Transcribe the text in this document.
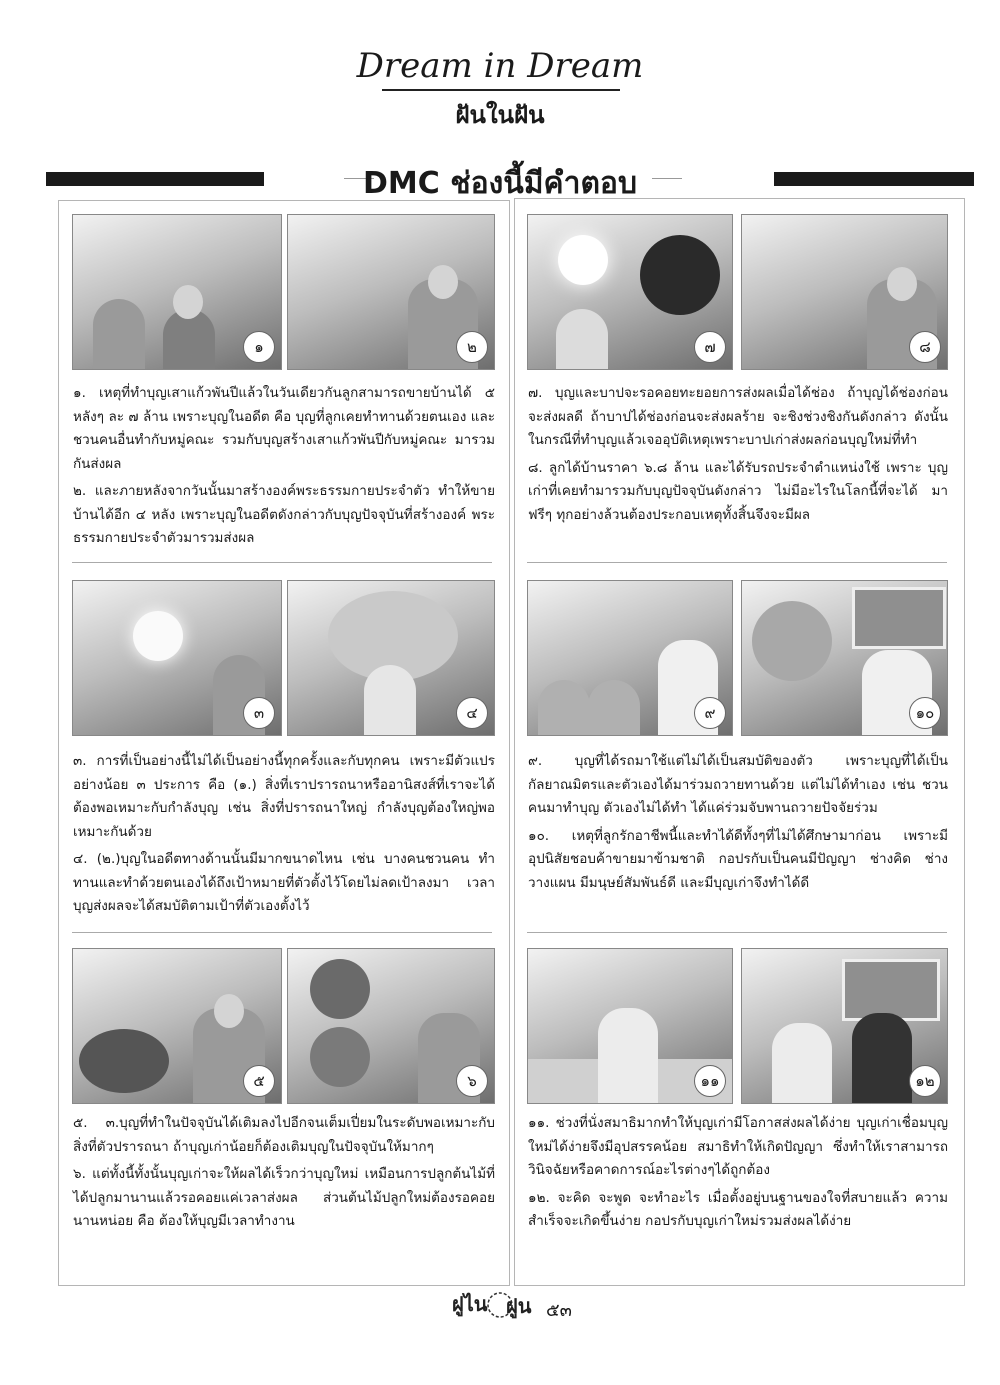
Dream in Dream
ฝันในฝัน
DMC ช่องนี้มีคำตอบ
๑	๒

๑. เหตุที่ทำบุญเสาแก้วพันปีแล้วในวันเดียวกันลูกสามารถขายบ้านได้ ๕ หลังๆ ละ ๗ ล้าน เพราะบุญในอดีต คือ บุญที่ลูกเคยทำทานด้วยตนเอง และชวนคนอื่นทำกับหมู่คณะ รวมกับบุญสร้างเสาแก้วพันปีกับหมู่คณะ มารวมกันส่งผล

๒. และภายหลังจากวันนั้นมาสร้างองค์พระธรรมกายประจำตัว ทำให้ขาย บ้านได้อีก ๔ หลัง เพราะบุญในอดีตดังกล่าวกับบุญปัจจุบันที่สร้างองค์ พระธรรมกายประจำตัวมารวมส่งผล

๗	๘

๗. บุญและบาปจะรอคอยทะยอยการส่งผลเมื่อได้ช่อง ถ้าบุญได้ช่องก่อน จะส่งผลดี ถ้าบาปได้ช่องก่อนจะส่งผลร้าย จะชิงช่วงชิงกันดังกล่าว ดังนั้นในกรณีที่ทำบุญแล้วเจออุบัติเหตุเพราะบาปเก่าส่งผลก่อนบุญใหม่ที่ทำ

๘. ลูกได้บ้านราคา ๖.๘ ล้าน และได้รับรถประจำตำแหน่งใช้ เพราะ บุญเก่าที่เคยทำมารวมกับบุญปัจจุบันดังกล่าว ไม่มีอะไรในโลกนี้ที่จะได้ มาฟรีๆ ทุกอย่างล้วนต้องประกอบเหตุทั้งสิ้นจึงจะมีผล

๓	๔

๓. การที่เป็นอย่างนี้ไม่ได้เป็นอย่างนี้ทุกครั้งและกับทุกคน เพราะมีตัวแปร อย่างน้อย ๓ ประการ คือ (๑.) สิ่งที่เราปรารถนาหรืออานิสงส์ที่เราจะได้ ต้องพอเหมาะกับกำลังบุญ เช่น สิ่งที่ปรารถนาใหญ่ กำลังบุญต้องใหญ่พอ เหมาะกันด้วย

๔. (๒.)บุญในอดีตทางด้านนั้นมีมากขนาดไหน เช่น บางคนชวนคน ทำทานและทำด้วยตนเองได้ถึงเป้าหมายที่ตัวตั้งไว้โดยไม่ลดเป้าลงมา เวลาบุญส่งผลจะได้สมบัติตามเป้าที่ตัวเองตั้งไว้

๙	๑๐

๙. บุญที่ได้รถมาใช้แต่ไม่ได้เป็นสมบัติของตัว เพราะบุญที่ได้เป็น กัลยาณมิตรและตัวเองได้มาร่วมถวายทานด้วย แต่ไม่ได้ทำเอง เช่น ชวน คนมาทำบุญ ตัวเองไม่ได้ทำ ได้แค่ร่วมจับพานถวายปัจจัยร่วม

๑๐. เหตุที่ลูกรักอาชีพนี้และทำได้ดีทั้งๆที่ไม่ได้ศึกษามาก่อน เพราะมี อุปนิสัยชอบค้าขายมาข้ามชาติ กอปรกับเป็นคนมีปัญญา ช่างคิด ช่างวางแผน มีมนุษย์สัมพันธ์ดี และมีบุญเก่าจึงทำได้ดี

๕	๖

๕. ๓.บุญที่ทำในปัจจุบันได้เติมลงไปอีกจนเต็มเปี่ยมในระดับพอเหมาะกับ สิ่งที่ตัวปรารถนา ถ้าบุญเก่าน้อยก็ต้องเติมบุญในปัจจุบันให้มากๆ

๖. แต่ทั้งนี้ทั้งนั้นบุญเก่าจะให้ผลได้เร็วกว่าบุญใหม่ เหมือนการปลูกต้นไม้ที่ ได้ปลูกมานานแล้วรอคอยแค่เวลาส่งผล ส่วนต้นไม้ปลูกใหม่ต้องรอคอย นานหน่อย คือ ต้องให้บุญมีเวลาทำงาน

๑๑	๑๒

๑๑. ช่วงที่นั่งสมาธิมากทำให้บุญเก่ามีโอกาสส่งผลได้ง่าย บุญเก่าเชื่อมบุญ ใหม่ได้ง่ายจึงมีอุปสรรคน้อย สมาธิทำให้เกิดปัญญา ซึ่งทำให้เราสามารถ วินิจฉัยหรือคาดการณ์อะไรต่างๆได้ถูกต้อง

๑๒. จะคิด จะพูด จะทำอะไร เมื่อตั้งอยู่บนฐานของใจที่สบายแล้ว ความ สำเร็จจะเกิดขึ้นง่าย กอปรกับบุญเก่าใหม่รวมส่งผลได้ง่าย

ฝูไน ฝูน ๕๓
